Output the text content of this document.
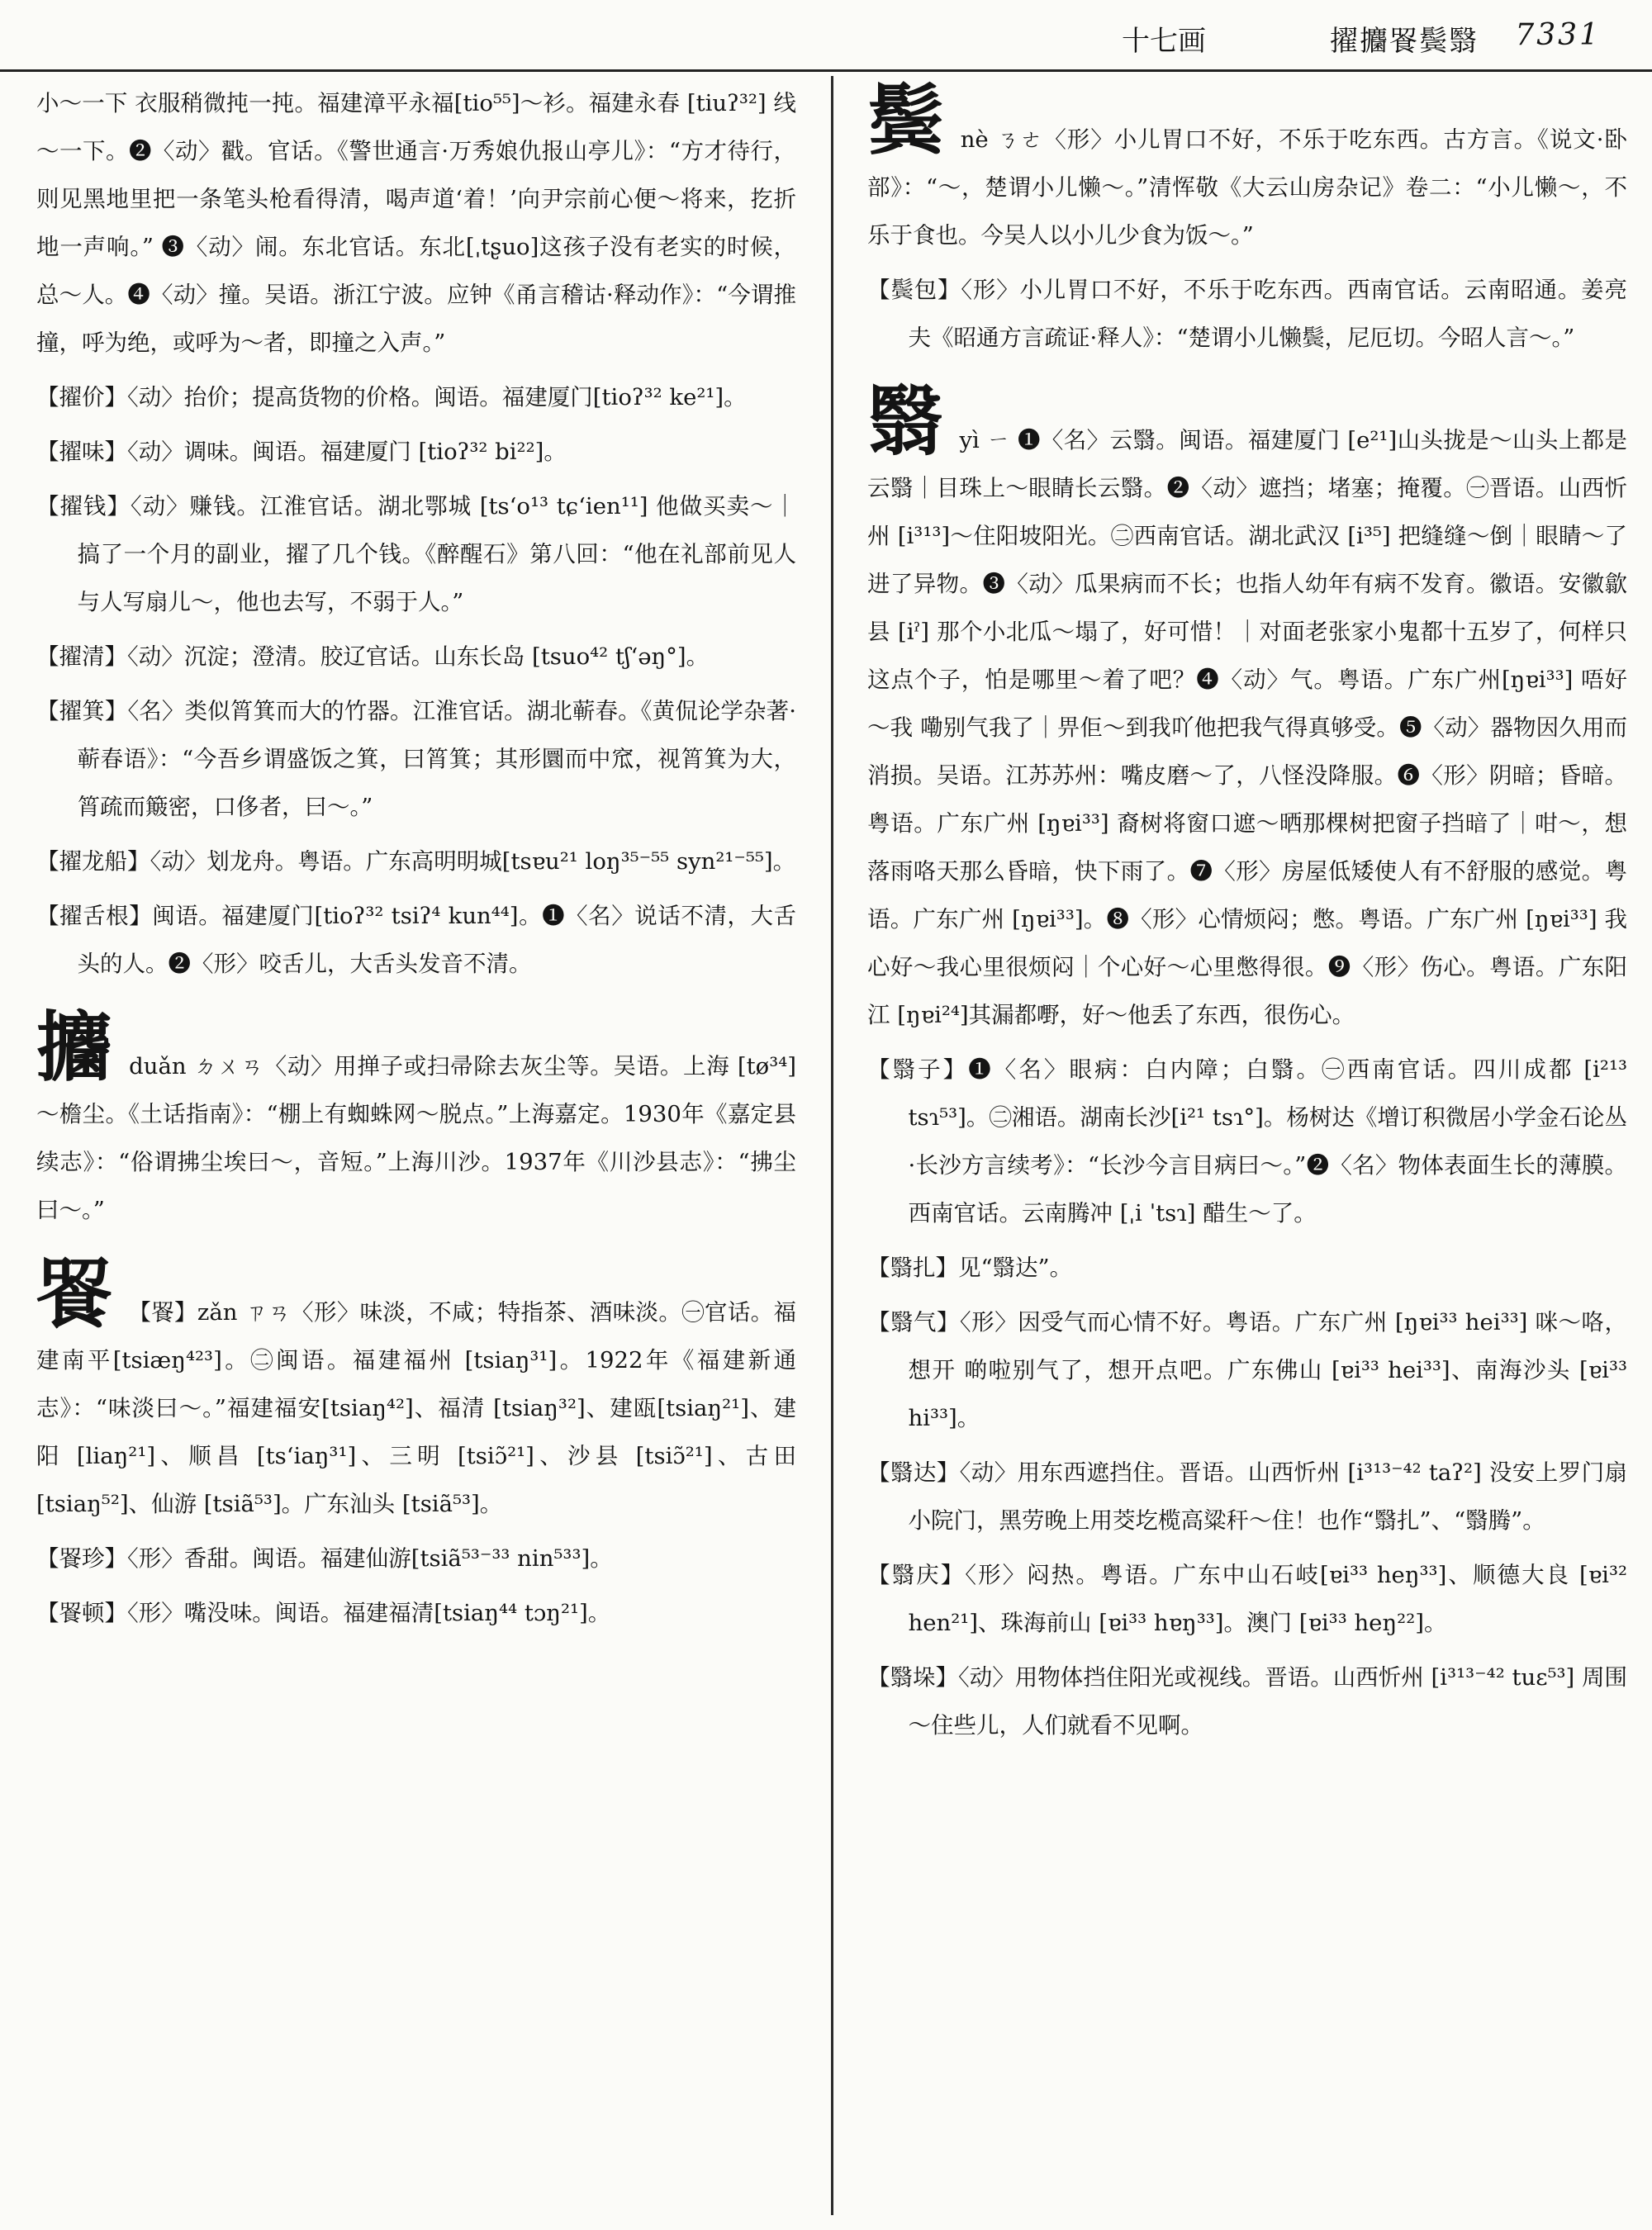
十七画	擢攟䬭鬓翳 7331

小～一下 衣服稍微扽一扽。福建漳平永福[tio⁵⁵]～衫。福建永春 [tiuʔ³²] 线 ～一下。❷〈动〉戳。官话。《警世通言·万秀娘仇报山亭儿》：“方才待行，则见黑地里把一条笔头枪看得清，喝声道‘着！’向尹宗前心便～将来，扢折地一声响。” ❸〈动〉闹。东北官话。东北[ˌtʂuo]这孩子没有老实的时候，总～人。❹〈动〉撞。吴语。浙江宁波。应钟《甬言稽诂·释动作》：“今谓推撞，呼为绝，或呼为～者，即撞之入声。”

【擢价】〈动〉抬价；提高货物的价格。闽语。福建厦门[tioʔ³² ke²¹]。

【擢味】〈动〉调味。闽语。福建厦门 [tioʔ³² bi²²]。

【擢钱】〈动〉赚钱。江淮官话。湖北鄂城 [tsʻo¹³ tɕʻien¹¹] 他做买卖～｜搞了一个月的副业，擢了几个钱。《醉醒石》第八回：“他在礼部前见人与人写扇儿～，他也去写，不弱于人。”

【擢清】〈动〉沉淀；澄清。胶辽官话。山东长岛 [tsuo⁴² tʃʻəŋ°]。

【擢箕】〈名〉类似筲箕而大的竹器。江淮官话。湖北蕲春。《黄侃论学杂著·蕲春语》：“今吾乡谓盛饭之箕，曰筲箕；其形圜而中窊，视筲箕为大，筲疏而簸密，口侈者，曰～。”

【擢龙船】〈动〉划龙舟。粤语。广东高明明城[tsɐu²¹ loŋ³⁵⁻⁵⁵ syn²¹⁻⁵⁵]。

【擢舌根】闽语。福建厦门[tioʔ³² tsiʔ⁴ kun⁴⁴]。❶〈名〉说话不清，大舌头的人。❷〈形〉咬舌儿，大舌头发音不清。

攟 duǎn ㄉㄨㄢ〈动〉用掸子或扫帚除去灰尘等。吴语。上海 [tø³⁴] ～檐尘。《土话指南》：“棚上有蜘蛛网～脱点。”上海嘉定。1930年《嘉定县续志》：“俗谓拂尘埃曰～，音短。”上海川沙。1937年《川沙县志》：“拂尘曰～。”

䬭 【䬭】zǎn ㄗㄢ〈形〉味淡，不咸；特指茶、酒味淡。㊀官话。福建南平[tsiæŋ⁴²³]。㊁闽语。福建福州 [tsiaŋ³¹]。1922年《福建新通志》：“味淡曰～。”福建福安[tsiaŋ⁴²]、福清 [tsiaŋ³²]、建瓯[tsiaŋ²¹]、建阳 [liaŋ²¹]、顺昌 [tsʻiaŋ³¹]、三明 [tsiɔ̃²¹]、沙县 [tsiɔ̃²¹]、古田 [tsiaŋ⁵²]、仙游 [tsiã⁵³]。广东汕头 [tsiã⁵³]。

【䬭珍】〈形〉香甜。闽语。福建仙游[tsiã⁵³⁻³³ nin⁵³³]。

【䬭顿】〈形〉嘴没味。闽语。福建福清[tsiaŋ⁴⁴ tɔŋ²¹]。

鬓 nè ㄋㄜ〈形〉小儿胃口不好，不乐于吃东西。古方言。《说文·卧部》：“～，楚谓小儿懒～。”清恽敬《大云山房杂记》卷二：“小儿懒～，不乐于食也。今吴人以小儿少食为饭～。”

【鬓包】〈形〉小儿胃口不好，不乐于吃东西。西南官话。云南昭通。姜亮夫《昭通方言疏证·释人》：“楚谓小儿懒鬓，尼厄切。今昭人言～。”

翳 yì ㄧ ❶〈名〉云翳。闽语。福建厦门 [e²¹]山头拢是～山头上都是云翳｜目珠上～眼睛长云翳。❷〈动〉遮挡；堵塞；掩覆。㊀晋语。山西忻州 [i³¹³]～住阳坡阳光。㊁西南官话。湖北武汉 [i³⁵] 把缝缝～倒｜眼睛～了进了异物。❸〈动〉瓜果病而不长；也指人幼年有病不发育。徽语。安徽歙县 [iˀ] 那个小北瓜～塌了，好可惜！｜对面老张家小鬼都十五岁了，何样只这点个子，怕是哪里～着了吧？❹〈动〉气。粤语。广东广州[ŋɐi³³] 唔好～我 嘞别气我了｜畀佢～到我吖他把我气得真够受。❺〈动〉器物因久用而消损。吴语。江苏苏州：嘴皮磨～了，八怪没降服。❻〈形〉阴暗；昏暗。粤语。广东广州 [ŋɐi³³] 裔树将窗口遮～晒那棵树把窗子挡暗了｜咁～，想落雨咯天那么昏暗，快下雨了。❼〈形〉房屋低矮使人有不舒服的感觉。粤语。广东广州 [ŋɐi³³]。❽〈形〉心情烦闷；憋。粤语。广东广州 [ŋɐi³³] 我心好～我心里很烦闷｜个心好～心里憋得很。❾〈形〉伤心。粤语。广东阳江 [ŋɐi²⁴]其漏都嘢，好～他丢了东西，很伤心。

【翳子】❶〈名〉眼病：白内障；白翳。㊀西南官话。四川成都 [i²¹³ tsɿ⁵³]。㊁湘语。湖南长沙[i²¹ tsɿ°]。杨树达《增订积微居小学金石论丛·长沙方言续考》：“长沙今言目病曰～。”❷〈名〉物体表面生长的薄膜。西南官话。云南腾冲 [ˌi ˈtsɿ] 醋生～了。

【翳扎】见“翳达”。

【翳气】〈形〉因受气而心情不好。粤语。广东广州 [ŋɐi³³ hei³³] 咪～咯，想开 啲啦别气了，想开点吧。广东佛山 [ɐi³³ hei³³]、南海沙头 [ɐi³³ hi³³]。

【翳达】〈动〉用东西遮挡住。晋语。山西忻州 [i³¹³⁻⁴² taʔ²] 没安上罗门扇小院门，黑劳晚上用茭圪榄高粱秆～住！也作“翳扎”、“翳腾”。

【翳庆】〈形〉闷热。粤语。广东中山石岐[ɐi³³ heŋ³³]、顺德大良 [ɐi³² hen²¹]、珠海前山 [ɐi³³ hɐŋ³³]。澳门 [ɐi³³ heŋ²²]。

【翳垛】〈动〉用物体挡住阳光或视线。晋语。山西忻州 [i³¹³⁻⁴² tuɛ⁵³] 周围～住些儿，人们就看不见啊。
